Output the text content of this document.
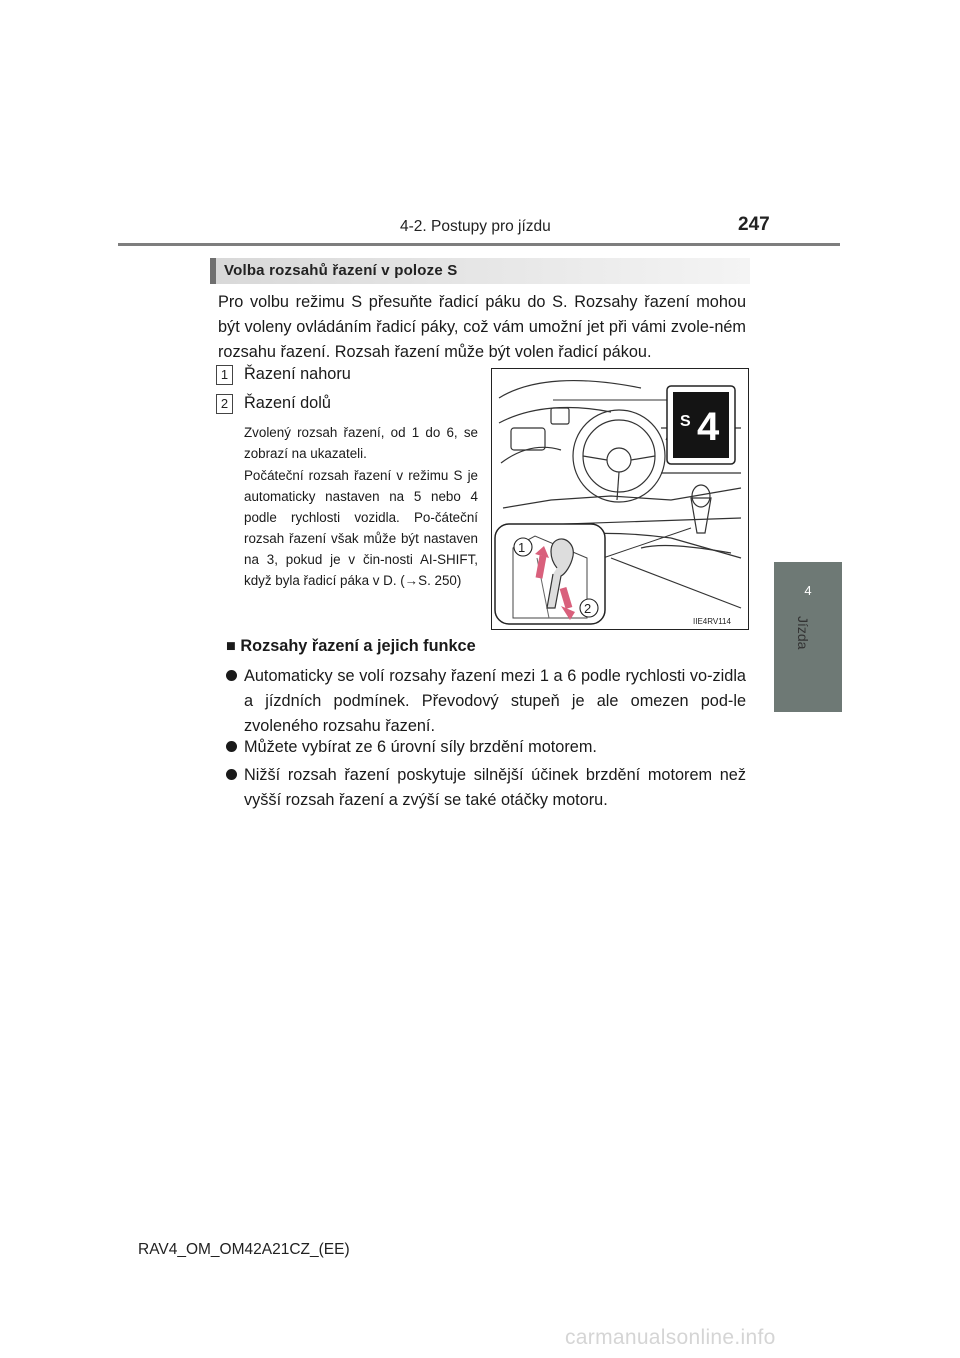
4-2. Postupy pro jízdu	247
4
Jízda
Volba rozsahů řazení v poloze S
Pro volbu režimu S přesuňte řadicí páku do S. Rozsahy řazení mohou být voleny ovládáním řadicí páky, což vám umožní jet při vámi zvole-ném rozsahu řazení. Rozsah řazení může být volen řadicí pákou.
1 Řazení nahoru
2 Řazení dolů
Zvolený rozsah řazení, od 1 do 6, se zobrazí na ukazateli.
Počáteční rozsah řazení v režimu S je automaticky nastaven na 5 nebo 4 podle rychlosti vozidla. Po-čáteční rozsah řazení však může být nastaven na 3, pokud je v čin-nosti AI-SHIFT, když byla řadicí páka v D. (→S. 250)
S 4
1
2
IIE4RV114
■ Rozsahy řazení a jejich funkce
Automaticky se volí rozsahy řazení mezi 1 a 6 podle rychlosti vo-zidla a jízdních podmínek. Převodový stupeň je ale omezen pod-le zvoleného rozsahu řazení.
Můžete vybírat ze 6 úrovní síly brzdění motorem.
Nižší rozsah řazení poskytuje silnější účinek brzdění motorem než vyšší rozsah řazení a zvýší se také otáčky motoru.
RAV4_OM_OM42A21CZ_(EE)
carmanualsonline.info
